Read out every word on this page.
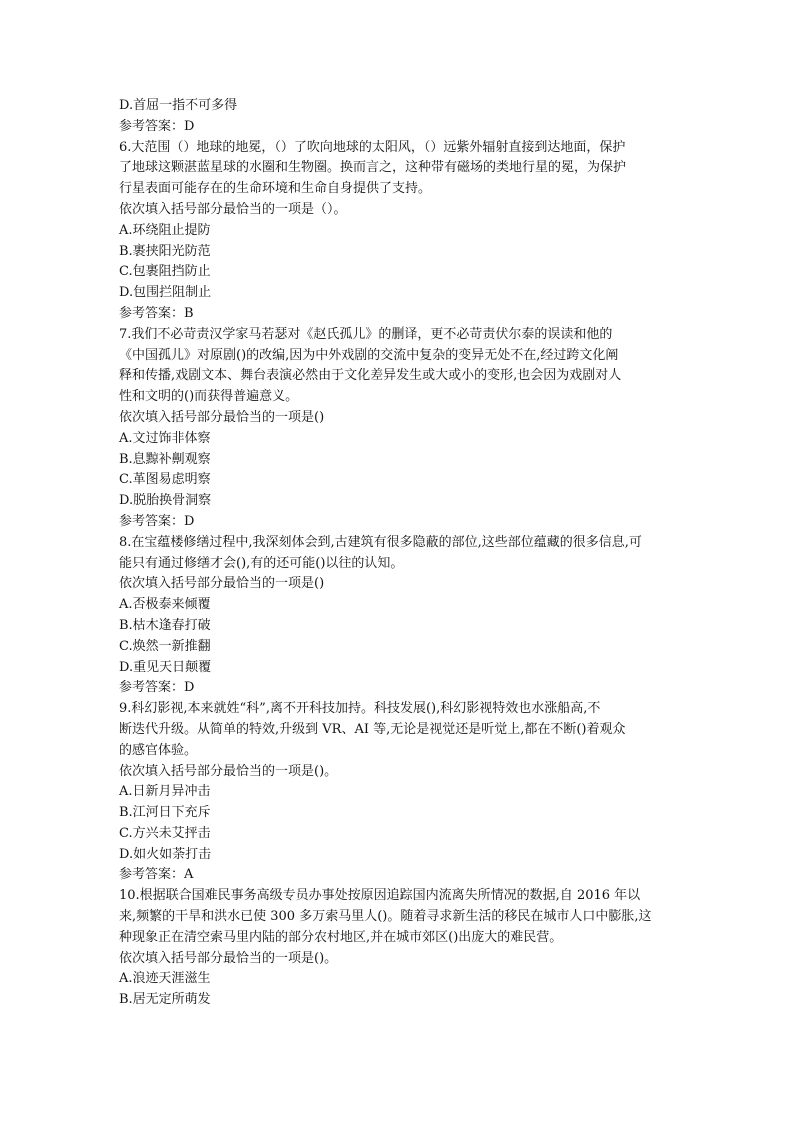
D.首屈一指不可多得
参考答案：D
6.大范围（）地球的地冕，（）了吹向地球的太阳风，（）远紫外辐射直接到达地面，保护
了地球这颗湛蓝星球的水圈和生物圈。换而言之，这种带有磁场的类地行星的冕，为保护
行星表面可能存在的生命环境和生命自身提供了支持。
依次填入括号部分最恰当的一项是（）。
A.环绕阻止提防
B.裹挟阳光防范
C.包裹阻挡防止
D.包围拦阻制止
参考答案：B
7.我们不必苛责汉学家马若瑟对《赵氏孤儿》的删译，更不必苛责伏尔泰的误读和他的
《中国孤儿》对原剧()的改编,因为中外戏剧的交流中复杂的变异无处不在,经过跨文化阐
释和传播,戏剧文本、舞台表演必然由于文化差异发生或大或小的变形,也会因为戏剧对人
性和文明的()而获得普遍意义。
依次填入括号部分最恰当的一项是()
A.文过饰非体察
B.息黥补劓观察
C.革图易虑明察
D.脱胎换骨洞察
参考答案：D
8.在宝蕴楼修缮过程中,我深刻体会到,古建筑有很多隐蔽的部位,这些部位蕴藏的很多信息,可
能只有通过修缮才会(),有的还可能()以往的认知。
依次填入括号部分最恰当的一项是()
A.否极泰来倾覆
B.枯木逢春打破
C.焕然一新推翻
D.重见天日颠覆
参考答案：D
9.科幻影视,本来就姓“科”,离不开科技加持。科技发展(),科幻影视特效也水涨船高,不
断迭代升级。从简单的特效,升级到 VR、AI 等,无论是视觉还是听觉上,都在不断()着观众
的感官体验。
依次填入括号部分最恰当的一项是()。
A.日新月异冲击
B.江河日下充斥
C.方兴未艾抨击
D.如火如荼打击
参考答案：A
10.根据联合国难民事务高级专员办事处按原因追踪国内流离失所情况的数据,自 2016 年以
来,频繁的干旱和洪水已使 300 多万索马里人()。随着寻求新生活的移民在城市人口中膨胀,这
种现象正在清空索马里内陆的部分农村地区,并在城市郊区()出庞大的难民营。
依次填入括号部分最恰当的一项是()。
A.浪迹天涯滋生
B.居无定所萌发
